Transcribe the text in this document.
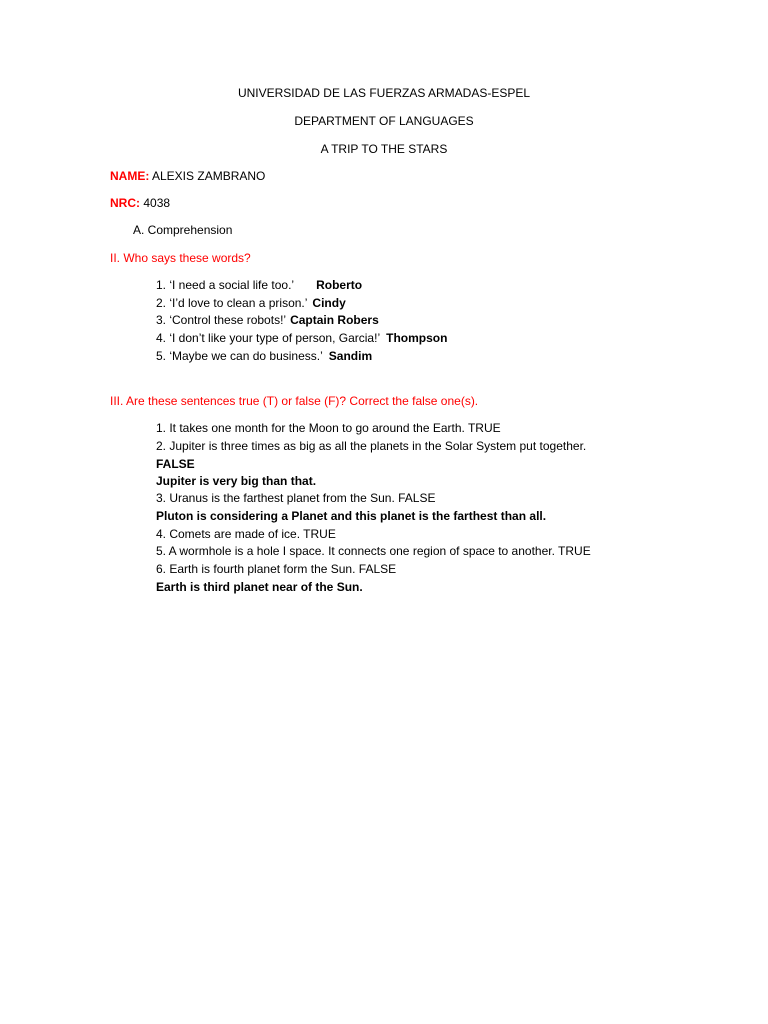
UNIVERSIDAD DE LAS FUERZAS ARMADAS-ESPEL
DEPARTMENT OF LANGUAGES
A TRIP TO THE STARS
NAME: ALEXIS ZAMBRANO
NRC: 4038
A. Comprehension
II. Who says these words?
1. ‘I need a social life too.’ Roberto
2. ‘I’d love to clean a prison.’ Cindy
3. ‘Control these robots!’ Captain Robers
4. ‘I don’t like your type of person, Garcia!’ Thompson
5. ‘Maybe we can do business.’ Sandim
III. Are these sentences true (T) or false (F)? Correct the false one(s).
1. It takes one month for the Moon to go around the Earth. TRUE
2. Jupiter is three times as big as all the planets in the Solar System put together.
FALSE
Jupiter is very big than that.
3. Uranus is the farthest planet from the Sun. FALSE
Pluton is considering a Planet and this planet is the farthest than all.
4. Comets are made of ice. TRUE
5. A wormhole is a hole I space. It connects one region of space to another. TRUE
6. Earth is fourth planet form the Sun. FALSE
Earth is third planet near of the Sun.
